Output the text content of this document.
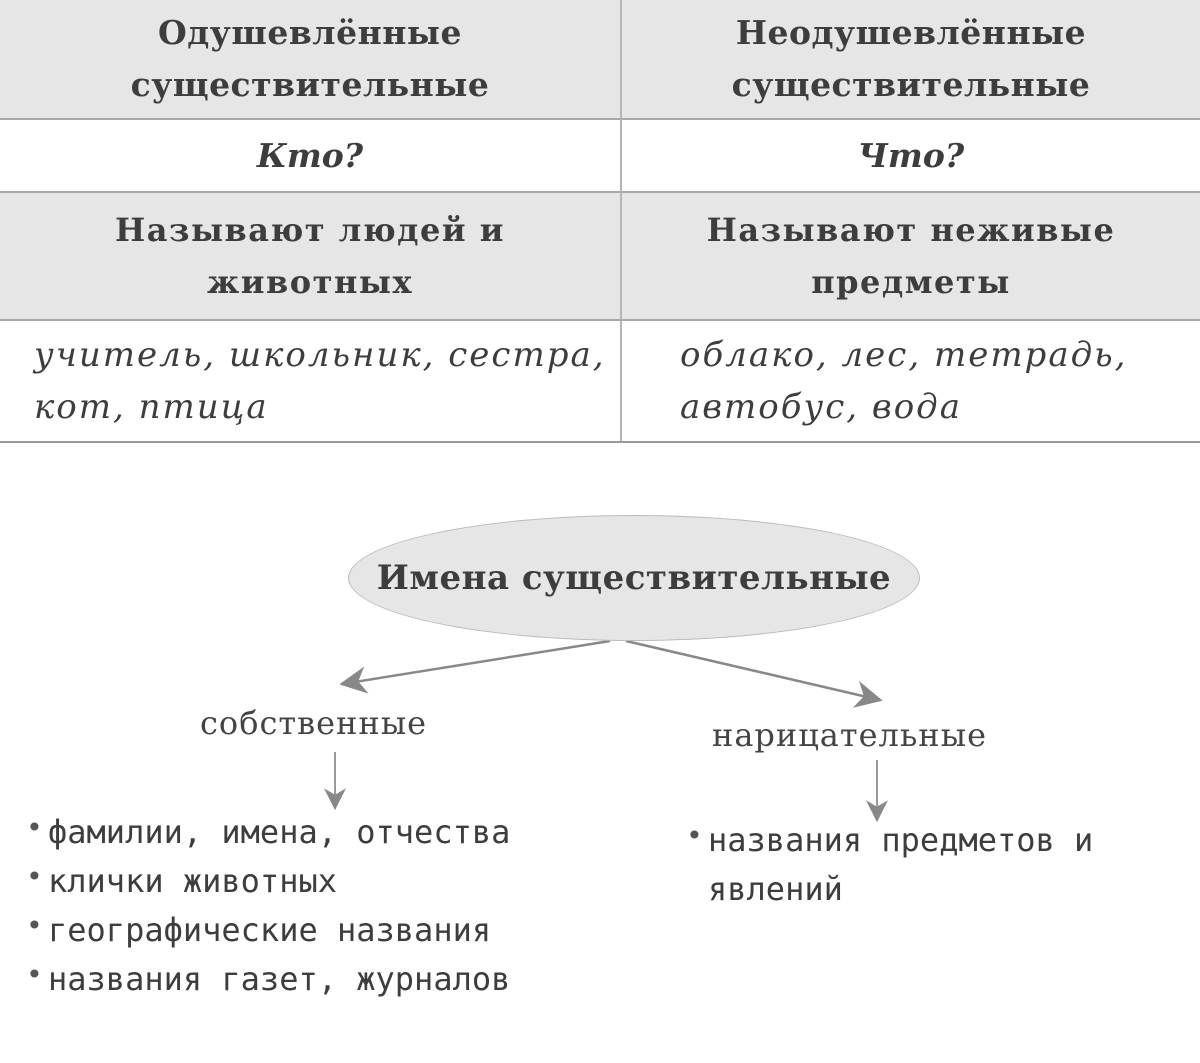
Одушевлённые существительные
Неодушевлённые существительные
Кто?	Что?
Называют людей и животных
Называют неживые предметы
учитель, школьник, сестра, кот, птица
облако, лес, тетрадь, автобус, вода
Имена существительные
собственные	нарицательные
• фамилии, имена, отчества
• клички животных
• географические названия
• названия газет, журналов
• названия предметов и явлений
